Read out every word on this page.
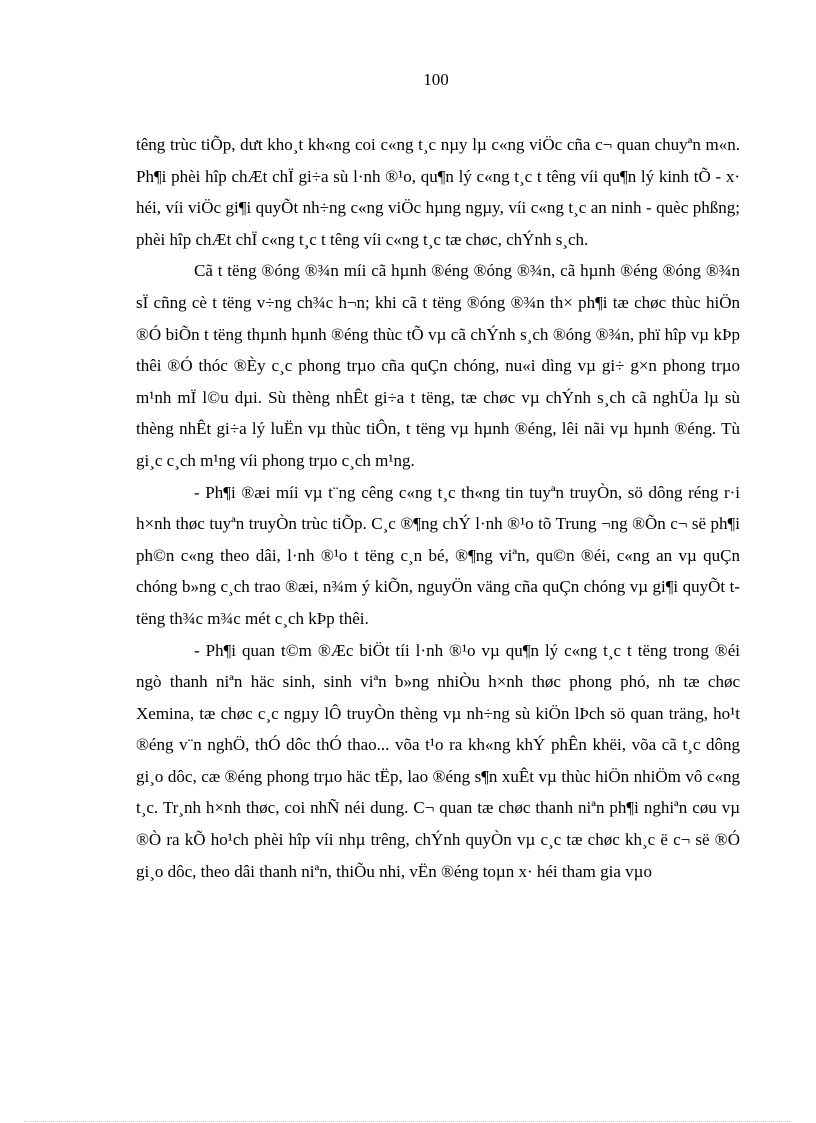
100

têng trùc tiÕp, dưt kho¸t kh«ng coi c«ng t¸c nµy lµ c«ng viÖc cña c¬ quan chuyªn m«n. Ph¶i phèi hîp chÆt chÏ gi÷a sù l·nh ®¹o, qu¶n lý c«ng t¸c t têng víi qu¶n lý kinh tÕ - x· héi, víi viÖc gi¶i quyÕt nh÷ng c«ng viÖc hµng ngµy, víi c«ng t¸c an ninh - quèc phßng; phèi hîp chÆt chÏ c«ng t¸c t têng víi c«ng t¸c tæ chøc, chÝnh s¸ch.

Cã t tëng ®óng ®¾n míi cã hµnh ®éng ®óng ®¾n, cã hµnh ®éng ®óng ®¾n sÏ cñng cè t tëng v÷ng ch¾c h¬n; khi cã t tëng ®óng ®¾n th× ph¶i tæ chøc thùc hiÖn ®Ó biÕn t tëng thµnh hµnh ®éng thùc tÕ vµ cã chÝnh s¸ch ®óng ®¾n, phï hîp vµ kÞp thêi ®Ó thóc ®Èy c¸c phong trµo cña quÇn chóng, nu«i dìng vµ gi÷ g×n phong trµo m¹nh mÏ l©u dµi. Sù thèng nhÊt gi÷a t tëng, tæ chøc vµ chÝnh s¸ch cã nghÜa lµ sù thèng nhÊt gi÷a lý luËn vµ thùc tiÔn, t tëng vµ hµnh ®éng, lêi nãi vµ hµnh ®éng. Tù gi¸c c¸ch m¹ng víi phong trµo c¸ch m¹ng.

- Ph¶i ®æi míi vµ t¨ng cêng c«ng t¸c th«ng tin tuyªn truyÒn, sö dông réng r·i h×nh thøc tuyªn truyÒn trùc tiÕp. C¸c ®¶ng chÝ l·nh ®¹o tõ Trung ¬ng ®Õn c¬ së ph¶i ph©n c«ng theo dâi, l·nh ®¹o t tëng c¸n bé, ®¶ng viªn, qu©n ®éi, c«ng an vµ quÇn chóng b»ng c¸ch trao ®æi, n¾m ý kiÕn, nguyÖn väng cña quÇn chóng vµ gi¶i quyÕt t tëng th¾c m¾c mét c¸ch kÞp thêi.

- Ph¶i quan t©m ®Æc biÖt tíi l·nh ®¹o vµ qu¶n lý c«ng t¸c t tëng trong ®éi ngò thanh niªn häc sinh, sinh viªn b»ng nhiÒu h×nh thøc phong phó, nh tæ chøc Xemina, tæ chøc c¸c ngµy lÔ truyÒn thèng vµ nh÷ng sù kiÖn lÞch sö quan träng, ho¹t ®éng v¨n nghÖ, thÓ dôc thÓ thao... võa t¹o ra kh«ng khÝ phÊn khëi, võa cã t¸c dông gi¸o dôc, cæ ®éng phong trµo häc tËp, lao ®éng s¶n xuÊt vµ thùc hiÖn nhiÖm vô c«ng t¸c. Tr¸nh h×nh thøc, coi nhÑ néi dung. C¬ quan tæ chøc thanh niªn ph¶i nghiªn cøu vµ ®Ò ra kÕ ho¹ch phèi hîp víi nhµ trêng, chÝnh quyÒn vµ c¸c tæ chøc kh¸c ë c¬ së ®Ó gi¸o dôc, theo dâi thanh niªn, thiÕu nhi, vËn ®éng toµn x· héi tham gia vµo
